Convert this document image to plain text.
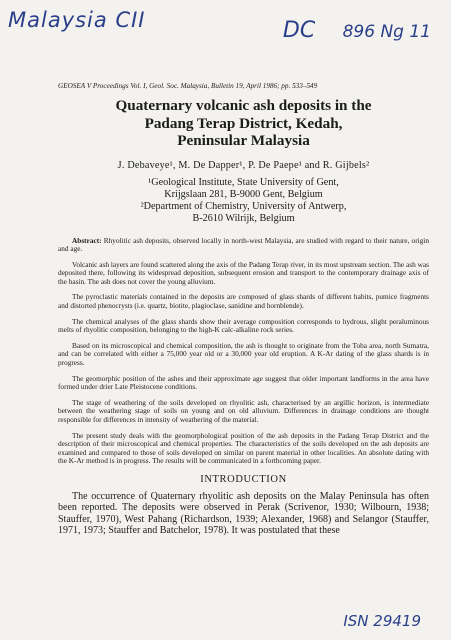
Malaysia CII	DC 896 Ng 11
GEOSEA V Proceedings Vol. I, Geol. Soc. Malaysia, Bulletin 19, April 1986; pp. 533–549
Quaternary volcanic ash deposits in the
Padang Terap District, Kedah,
Peninsular Malaysia
J. Debaveye¹, M. De Dapper¹, P. De Paepe¹ and R. Gijbels²
¹Geological Institute, State University of Gent,
Krijgslaan 281, B-9000 Gent, Belgium
²Department of Chemistry, University of Antwerp,
B-2610 Wilrijk, Belgium

Abstract: Rhyolitic ash deposits, observed locally in north-west Malaysia, are studied with regard to their nature, origin and age.

Volcanic ash layers are found scattered along the axis of the Padang Terap river, in its most upstream section. The ash was deposited there, following its widespread deposition, subsequent erosion and transport to the contemporary drainage axis of the basin. The ash does not cover the young alluvium.

The pyroclastic materials contained in the deposits are composed of glass shards of different habits, pumice fragments and distorted phenocrysts (i.e. quartz, biotite, plagioclase, sanidine and hornblende).

The chemical analyses of the glass shards show their average composition corresponds to hydrous, slight peraluminous melts of rhyolitic composition, belonging to the high-K calc-alkaline rock series.

Based on its microscopical and chemical composition, the ash is thought to originate from the Toba area, north Sumatra, and can be correlated with either a 75,000 year old or a 30,000 year old eruption. A K-Ar dating of the glass shards is in progress.

The geomorphic position of the ashes and their approximate age suggest that older important landforms in the area have formed under drier Late Pleistocene conditions.

The stage of weathering of the soils developed on rhyolitic ash, characterised by an argillic horizon, is intermediate between the weathering stage of soils on young and on old alluvium. Differences in drainage conditions are thought responsible for differences in intensity of weathering of the material.

The present study deals with the geomorphological position of the ash deposits in the Padang Terap District and the description of their microscopical and chemical properties. The characteristics of the soils developed on the ash deposits are examined and compared to those of soils developed on similar on parent material in other localities. An absolute dating with the K-Ar method is in progress. The results will be communicated in a forthcoming paper.

INTRODUCTION

The occurrence of Quaternary rhyolitic ash deposits on the Malay Peninsula has often been reported. The deposits were observed in Perak (Scrivenor, 1930; Wilbourn, 1938; Stauffer, 1970), West Pahang (Richardson, 1939; Alexander, 1968) and Selangor (Stauffer, 1971, 1973; Stauffer and Batchelor, 1978). It was postulated that these

ISN 29419
